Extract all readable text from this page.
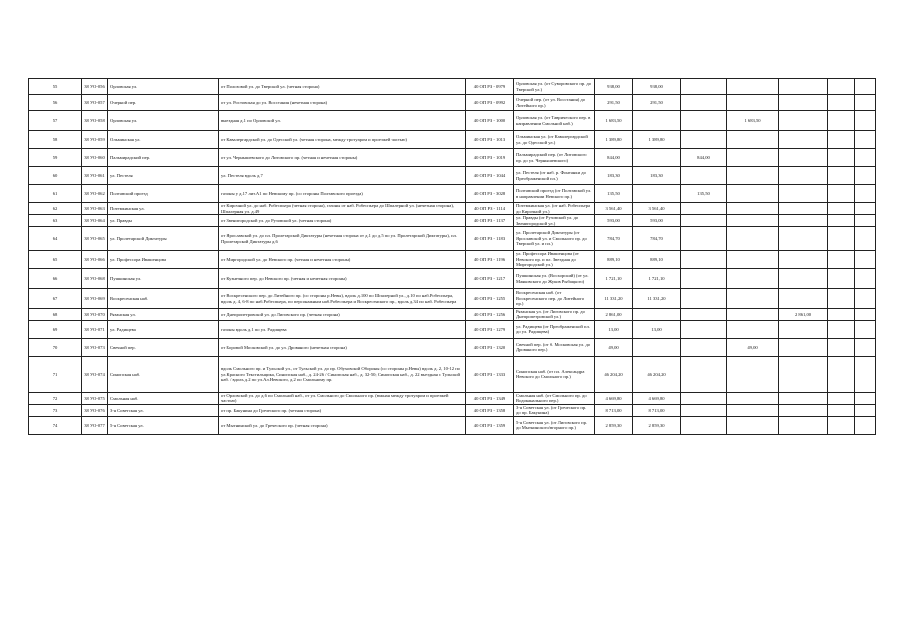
55	38 УО-056	Орловская ул.	от Полозовой ул. до Тверской ул. (четная сторона)	40 ОП РЗ - 0979	Орловская ул. (от Суворовского пр. до Тверской ул.)	938,00	938,00					
56	38 УО-057	Очерной пер.	от ул. Ростовская до ул. Восстания (нечетная сторона)	40 ОП РЗ - 0992	Очерной пер. (от ул. Восстания) до Литейного пр.)	291,50	291,50					
57	38 УО-058	Орловская ул.	выездная д.1 по Орловской ул.	40 ОП РЗ - 1000	Орловская ул. (от Таврического пер. в направлении Смольной наб.)	1 683,50			1 683,50			
58	38 УО-059	Ольминская ул.	от Кавалергардской ул. до Одесской ул. (четная сторона, между тротуаром и проезжей частью)	40 ОП РЗ - 1013	Ольминская ул. (от Кавалергардской ул. до Одесской ул.)	1 389,80	1 389,80					
59	38 УО-060	Пальмирадский пер.	от ул. Чернышевского до Литовского пр. (четная и нечетная стороны)	40 ОП РЗ - 1019	Пальмирадский пер. (от Литовского пр. до ул. Чернышевского)	844,00		844,00				
60	38 УО-061	ул. Пестеля	ул. Пестеля вдоль д.7	40 ОП РЗ - 1044	ул. Пестеля (от наб. р. Фонтанки до Преображенской пл.)	183,30	183,30					
61	38 УО-062	Полтавский проезд	газоны у д.17 лит.А1 по Невскому пр. (со стороны Полтавского проезда)	40 ОП РЗ - 3028	Полтавский проезд (от Полтавской ул. в направлении Невского пр.)	135,50		135,50				
62	38 УО-063	Потемкинская ул.	от Кирочной ул. до наб. Робеспьера (четная сторона), газоны от наб. Робеспьера до Шпалерной ул. (нечетная сторона), Шпалерная ул. д.49	40 ОП РЗ - 1114	Потемкинская ул. (от наб. Робеспьера до Кирочной ул.)	3 561,40	3 561,40					
63	38 УО-064	ул. Правды	от Звенигородской ул. до Рузовской ул. (четная сторона)	40 ОП РЗ - 1137	ул. Правды (от Рузовской ул. до Звенигородской ул.)	593,00	593,00					
64	38 УО-065	ул. Пролетарской Диктатуры	от Ярославской ул. до пл. Пролетарской Диктатуры (нечетная сторона от д.1 до д.5 по ул. Пролетарской Диктатуры), пл. Пролетарской Диктатуры д.6	40 ОП РЗ - 1183	ул. Пролетарской Диктатуры (от Ярославской ул. и Смольного пр. до Тверской ул. и пл.)	784,70	784,70					
65	38 УО-066	ул. Профессора Ивашенцова	от Миргородской ул. до Невского пр. (четная и нечетная стороны)	40 ОП РЗ - 1196	ул. Профессора Ивашенцова (от Невского пр. и пл. Звездная до Миргородской ул.)	889,10	889,10					
66	38 УО-068	Пушкинская ул.	от Кузнечного пер. до Невского пр. (четная и нечетная стороны)	40 ОП РЗ - 1217	Пушкинская ул. (Восхорский) (от ул. Маяковского до Жуков Рыбацкого)	1 721,10	1 721,10					
67	38 УО-069	Воскресенская наб.	от Воскресенского пер. до Литейного пр. (со стороны р.Невы), вдоль д.100 по Шпалерной ул., д.10 по наб.Робеспьера, вдоль д. 4, 6-8 по наб.Робеспьера, по персонажным наб.Робеспьера и Воскресенского пр., вдоль д.34 по наб. Робеспьера	40 ОП РЗ - 1255	Воскресенская наб. (от Воскресенского пер. до Литейного пр.)	11 331,20	11 331,20					
68	38 УО-070	Рязанская ул.	от Днепропетровской ул. до Лиговского пр. (четная сторона)	40 ОП РЗ - 1256	Рязанская ул. (от Лиговского пр. до Днепропетровской ул.)	2 861,00				2 861,00		
69	38 УО-071	ул. Радищева	газоны вдоль д.1 по ул. Радищева	40 ОП РЗ - 1279	ул. Радищева (от Преображенской пл. до ул. Радищева)	13,00	13,00					
70	38 УО-073	Свечной пер.	от Боровой Московской ул. до ул. Дровяного (нечетная сторона)	40 ОП РЗ - 1320	Свечной пер. (от б. Московская ул. до Дровяного пер.)	49,00			49,00			
71	38 УО-074	Синопская наб.	вдоль Смольного пр. и Тульской ул., от Тульской ул. до пр. Обуховской Обороны (со стороны р.Невы) вдоль д. 2, 10-12 по ул.Красного Текстильщика, Синопская наб., д. 24-26 / Синопская наб., д. 32-50; Синопская наб., д. 22 вьездная с Тульской наб. / вдоль д.2 по ул.Ал.Невского, д.2 по Смольному пр.	40 ОП РЗ - 1333	Синопская наб. (от пл. Александра Невского до Смольного пр.)	46 204,20	46 204,20					
72	38 УО-075	Смольная наб.	от Орловской ул. до д.6 по Смольной наб., от ул. Смольного до Смольного пр. (южная между тротуаром и проезжей частью)	40 ОП РЗ - 1349	Смольная наб. (от Смольного пр. до Водоканального пер.)	4 669,80	4 669,80					
73	38 УО-076	3-я Советская ул.	от пр. Бакунина до Греческого пр. (четная сторона)	40 ОП РЗ - 1358	3-я Советская ул. (от Греческого пр. до пр. Бакунина)	8 713,00	8 713,00					
74	38 УО-077	5-я Советская ул.	от Мытнинской ул. до Греческого пр. (четная сторона)	40 ОП РЗ - 1359	5-я Советская ул. (от Лиговского пр. до Мытнинского/вгорного пр.)	2 859,30	2 859,30					
